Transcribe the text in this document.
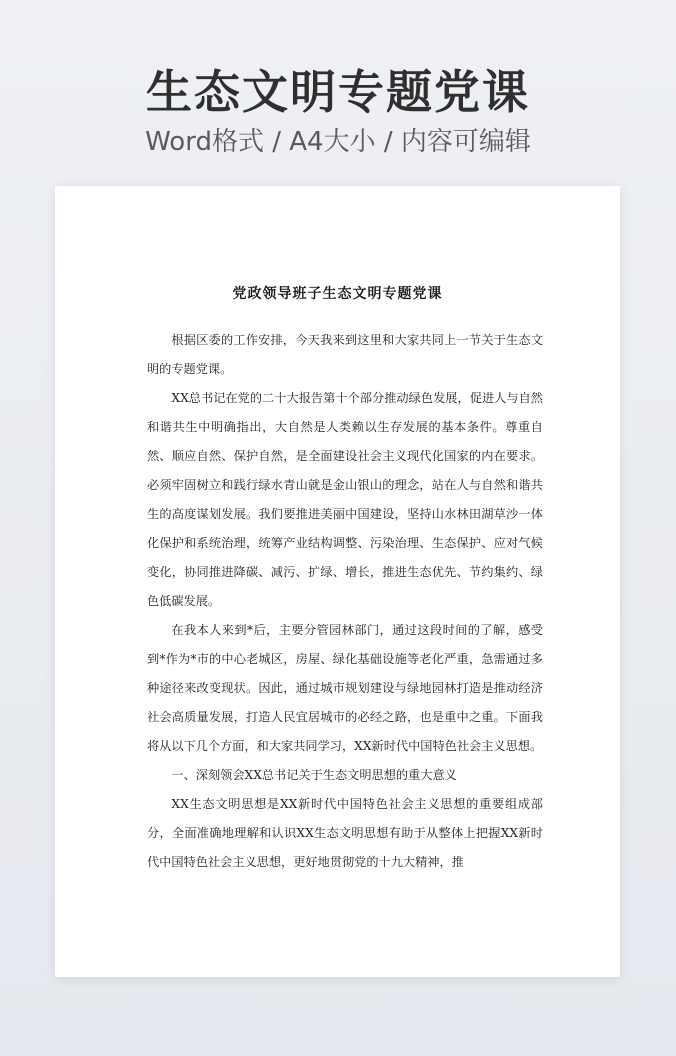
生态文明专题党课
Word格式 / A4大小 / 内容可编辑
党政领导班子生态文明专题党课

根据区委的工作安排，今天我来到这里和大家共同上一节关于生态文明的专题党课。

XX总书记在党的二十大报告第十个部分推动绿色发展，促进人与自然和谐共生中明确指出，大自然是人类赖以生存发展的基本条件。尊重自然、顺应自然、保护自然，是全面建设社会主义现代化国家的内在要求。必须牢固树立和践行绿水青山就是金山银山的理念，站在人与自然和谐共生的高度谋划发展。我们要推进美丽中国建设，坚持山水林田湖草沙一体化保护和系统治理，统筹产业结构调整、污染治理、生态保护、应对气候变化，协同推进降碳、减污、扩绿、增长，推进生态优先、节约集约、绿色低碳发展。

在我本人来到*后，主要分管园林部门，通过这段时间的了解，感受到*作为*市的中心老城区，房屋、绿化基础设施等老化严重，急需通过多种途径来改变现状。因此，通过城市规划建设与绿地园林打造是推动经济社会高质量发展，打造人民宜居城市的必经之路，也是重中之重。下面我将从以下几个方面，和大家共同学习，XX新时代中国特色社会主义思想。

一、深刻领会XX总书记关于生态文明思想的重大意义

XX生态文明思想是XX新时代中国特色社会主义思想的重要组成部分，全面准确地理解和认识XX生态文明思想有助于从整体上把握XX新时代中国特色社会主义思想，更好地贯彻党的十九大精神，推
